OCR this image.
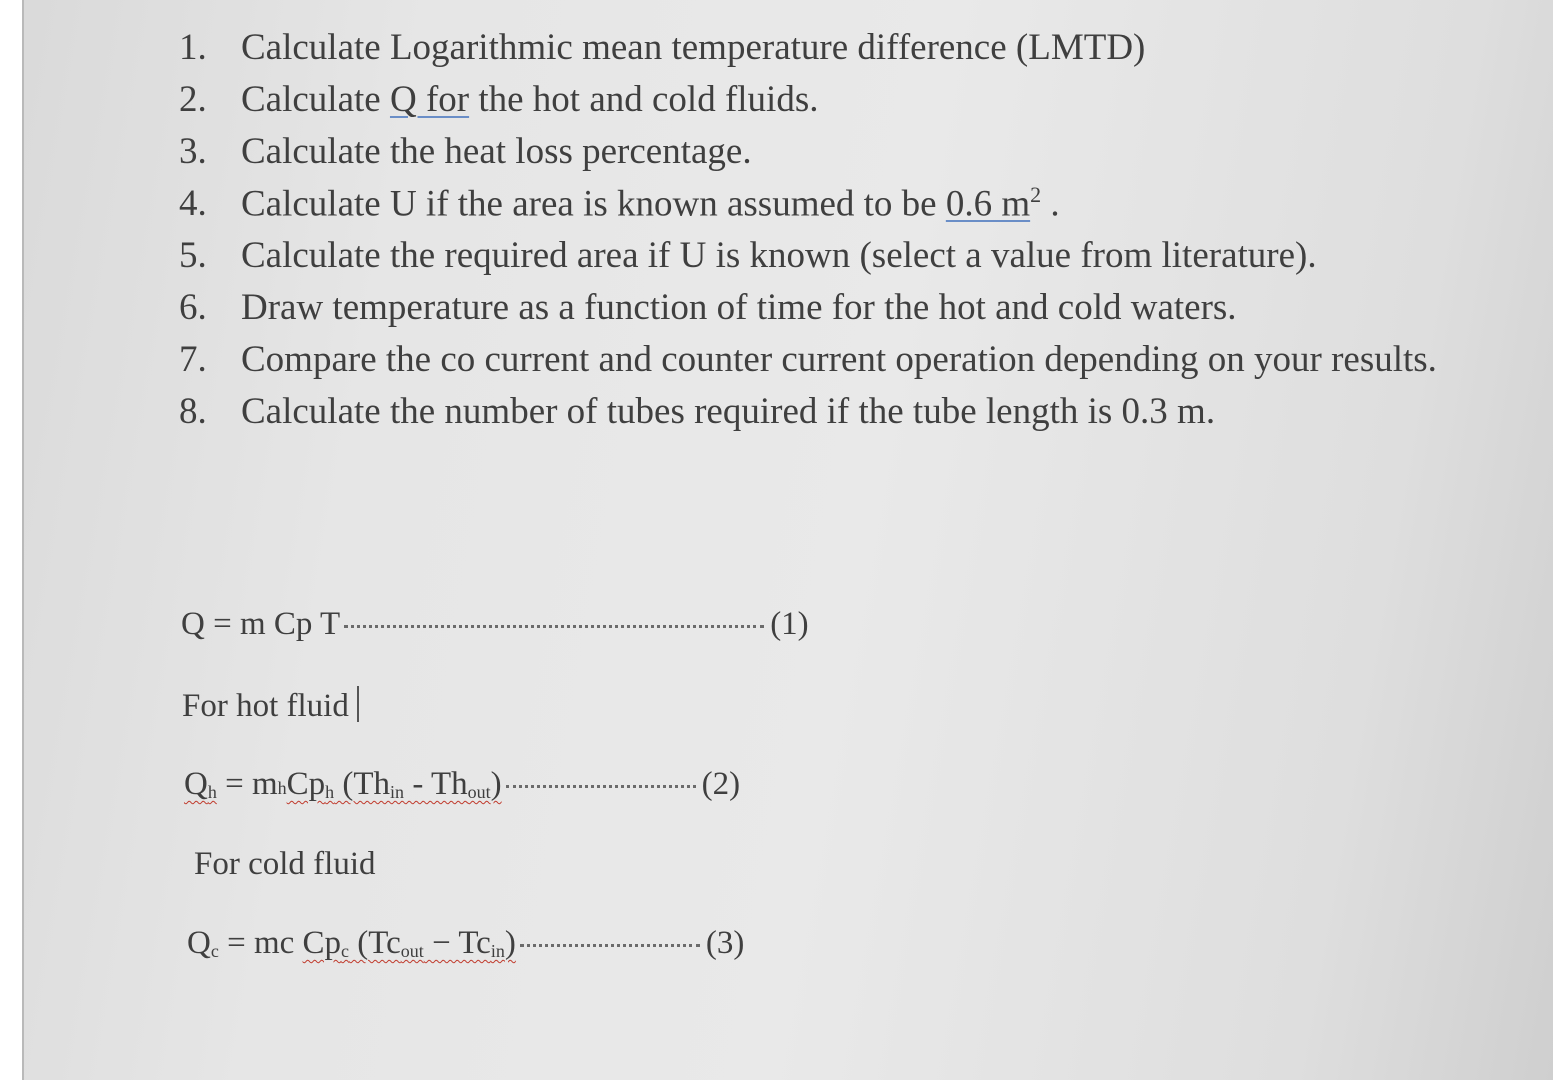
1. Calculate Logarithmic mean temperature difference (LMTD)
2. Calculate Q for the hot and cold fluids.
3. Calculate the heat loss percentage.
4. Calculate U if the area is known assumed to be 0.6 $m^2$ .
5. Calculate the required area if U is known (select a value from literature).
6. Draw temperature as a function of time for the hot and cold waters.
7. Compare the co current and counter current operation depending on your results.
8. Calculate the number of tubes required if the tube length is 0.3 m.
Q = m Cp T	(1)
For hot fluid
$Q_h = m$ h $Cp_h$ $(Th_{in} - Th_{out})$	(2)
For cold fluid
$Q_c$ = mc $Cp_c$ $(Tc_{out} - Tc_{in})$	(3)
